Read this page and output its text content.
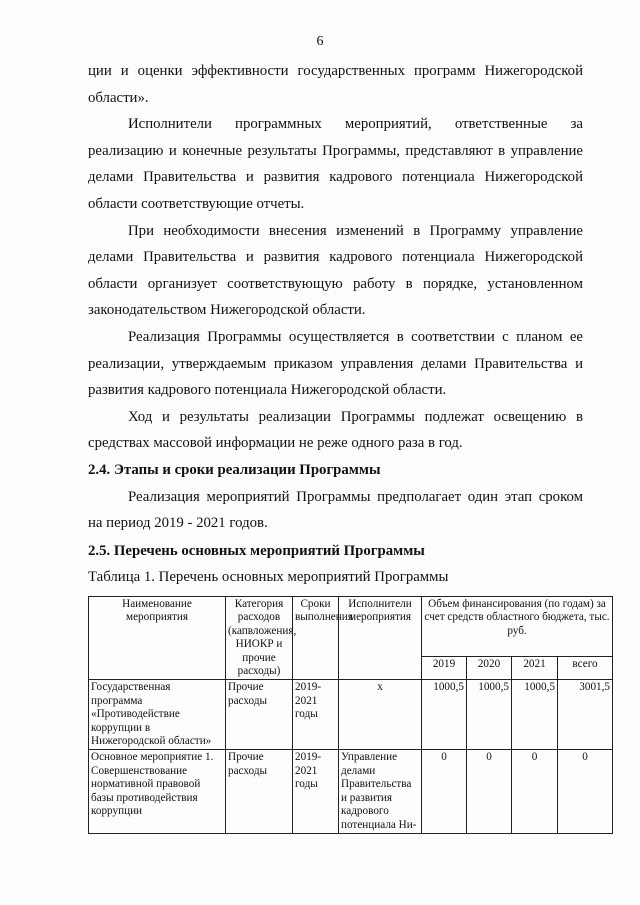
6

ции и оценки эффективности государственных программ Нижегородской области».

Исполнители программных мероприятий, ответственные за реализацию и конечные результаты Программы, представляют в управление делами Правительства и развития кадрового потенциала Нижегородской области соответствующие отчеты.

При необходимости внесения изменений в Программу управление делами Правительства и развития кадрового потенциала Нижегородской области организует соответствующую работу в порядке, установленном законодательством Нижегородской области.

Реализация Программы осуществляется в соответствии с планом ее реализации, утверждаемым приказом управления делами Правительства и развития кадрового потенциала Нижегородской области.

Ход и результаты реализации Программы подлежат освещению в средствах массовой информации не реже одного раза в год.

2.4. Этапы и сроки реализации Программы

Реализация мероприятий Программы предполагает один этап сроком на период 2019 - 2021 годов.

2.5. Перечень основных мероприятий Программы

Таблица 1. Перечень основных мероприятий Программы

Наименование мероприятия	Категория расходов (капвложения, НИОКР и прочие расходы)	Сроки выполнения	Исполнители мероприятия	Объем финансирования (по годам) за счет средств областного бюджета, тыс. руб.			
				2019	2020	2021	всего
Государственная программа «Противодействие коррупции в Нижегородской области»	Прочие расходы	2019-2021 годы	х	1000,5	1000,5	1000,5	3001,5
Основное мероприятие 1. Совершенствование нормативной правовой базы противодействия коррупции	Прочие расходы	2019-2021 годы	Управление делами Правительства и развития кадрового потенциала Ни-	0	0	0	0
